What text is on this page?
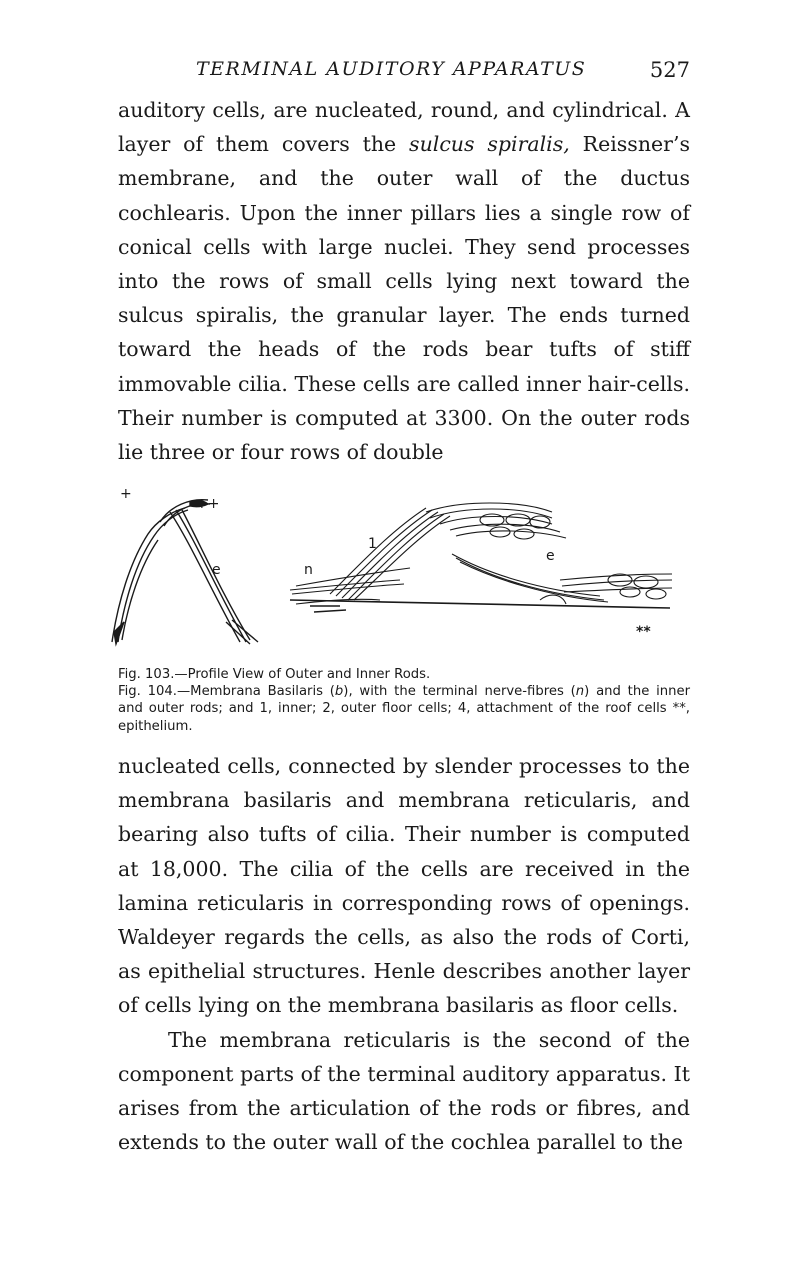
TERMINAL AUDITORY APPARATUS	527

auditory cells, are nucleated, round, and cylindrical. A layer of them covers the sulcus spiralis, Reissner’s membrane, and the outer wall of the ductus cochlearis. Upon the inner pillars lies a single row of conical cells with large nuclei. They send processes into the rows of small cells lying next toward the sulcus spiralis, the granular layer. The ends turned toward the heads of the rods bear tufts of stiff immovable cilia. These cells are called inner hair-cells. Their number is computed at 3300. On the outer rods lie three or four rows of double

+
++
e
1
n
e
**

Fig. 103.—Profile View of Outer and Inner Rods.

Fig. 104.—Membrana Basilaris (b), with the terminal nerve-fibres (n) and the inner and outer rods; and 1, inner; 2, outer floor cells; 4, attachment of the roof cells **, epithelium.

nucleated cells, connected by slender processes to the membrana basilaris and membrana reticularis, and bearing also tufts of cilia. Their number is computed at 18,000. The cilia of the cells are received in the lamina reticularis in corresponding rows of openings. Waldeyer regards the cells, as also the rods of Corti, as epithelial structures. Henle describes another layer of cells lying on the membrana basilaris as floor cells.

The membrana reticularis is the second of the component parts of the terminal auditory apparatus. It arises from the articulation of the rods or fibres, and extends to the outer wall of the cochlea parallel to the
